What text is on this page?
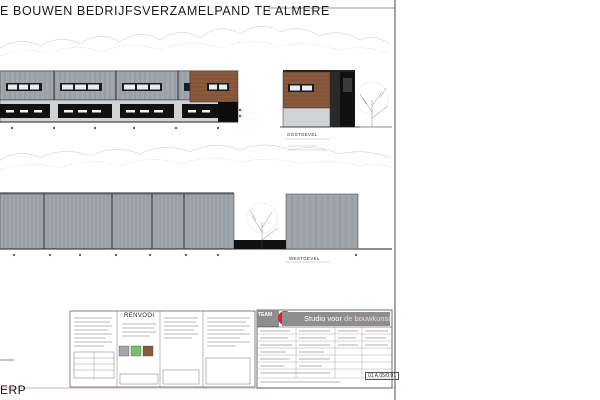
E BOUWEN BEDRIJFSVERZAMELPAND TE ALMERE
OOSTGEVEL
WESTGEVEL
RENVOOI	TEAM	Studio voor de bouwkunst
01 A.05/0.01
ERP
